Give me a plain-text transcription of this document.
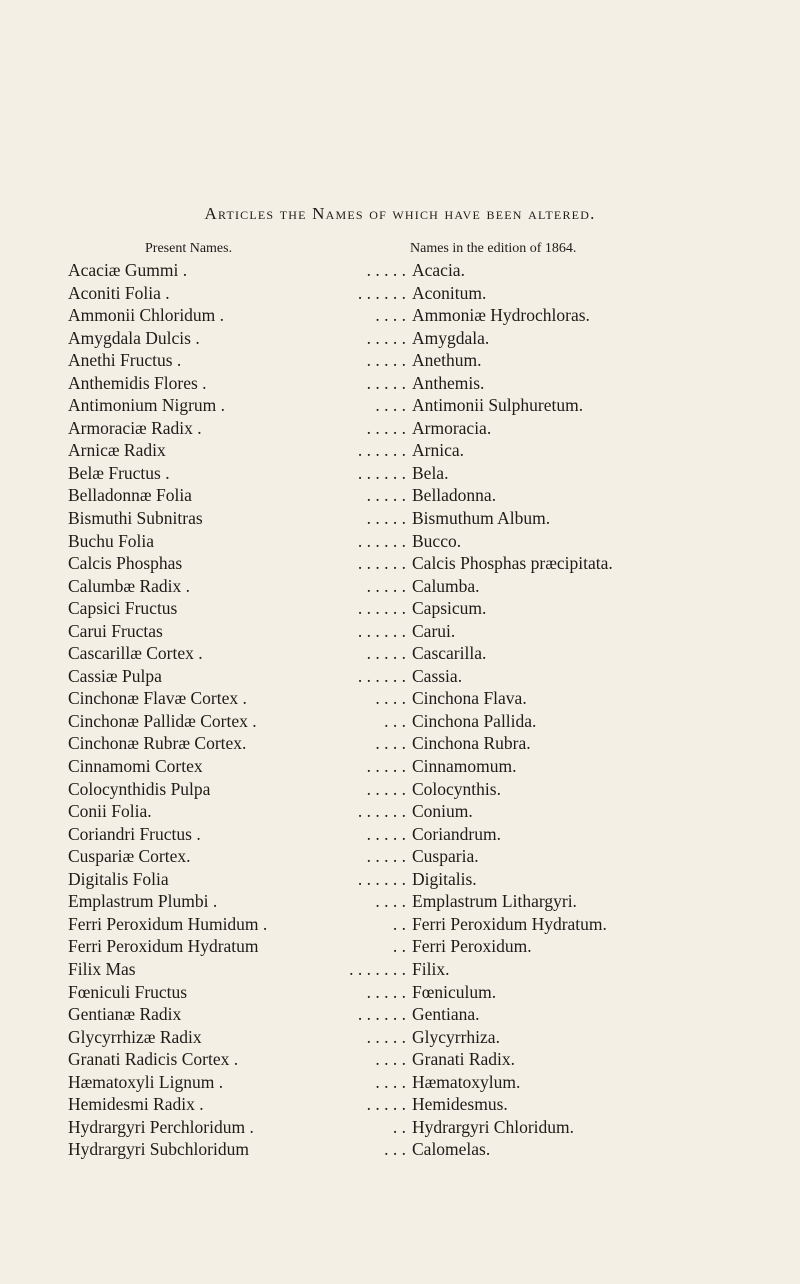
Articles the Names of which have been altered.
Present Names.	Names in the edition of 1864.
Acaciæ Gummi .	. . . . . Acacia.
Aconiti Folia .	. . . . . . Aconitum.
Ammonii Chloridum .	. . . . Ammoniæ Hydrochloras.
Amygdala Dulcis .	. . . . . Amygdala.
Anethi Fructus .	. . . . . Anethum.
Anthemidis Flores .	. . . . . Anthemis.
Antimonium Nigrum .	. . . . Antimonii Sulphuretum.
Armoraciæ Radix .	. . . . . Armoracia.
Arnicæ Radix	. . . . . . Arnica.
Belæ Fructus .	. . . . . . Bela.
Belladonnæ Folia	. . . . . Belladonna.
Bismuthi Subnitras	. . . . . Bismuthum Album.
Buchu Folia	. . . . . . Bucco.
Calcis Phosphas	. . . . . . Calcis Phosphas præcipitata.
Calumbæ Radix .	. . . . . Calumba.
Capsici Fructus	. . . . . . Capsicum.
Carui Fructas	. . . . . . Carui.
Cascarillæ Cortex .	. . . . . Cascarilla.
Cassiæ Pulpa	. . . . . . Cassia.
Cinchonæ Flavæ Cortex .	. . . . Cinchona Flava.
Cinchonæ Pallidæ Cortex .	. . . Cinchona Pallida.
Cinchonæ Rubræ Cortex.	. . . . Cinchona Rubra.
Cinnamomi Cortex	. . . . . Cinnamomum.
Colocynthidis Pulpa	. . . . . Colocynthis.
Conii Folia.	. . . . . . Conium.
Coriandri Fructus .	. . . . . Coriandrum.
Cuspariæ Cortex.	. . . . . Cusparia.
Digitalis Folia	. . . . . . Digitalis.
Emplastrum Plumbi .	. . . . Emplastrum Lithargyri.
Ferri Peroxidum Humidum .	. . Ferri Peroxidum Hydratum.
Ferri Peroxidum Hydratum	. . Ferri Peroxidum.
Filix Mas	. . . . . . . Filix.
Fœniculi Fructus	. . . . . Fœniculum.
Gentianæ Radix	. . . . . . Gentiana.
Glycyrrhizæ Radix	. . . . . Glycyrrhiza.
Granati Radicis Cortex .	. . . . Granati Radix.
Hæmatoxyli Lignum .	. . . . Hæmatoxylum.
Hemidesmi Radix .	. . . . . Hemidesmus.
Hydrargyri Perchloridum .	. . Hydrargyri Chloridum.
Hydrargyri Subchloridum	. . . Calomelas.
